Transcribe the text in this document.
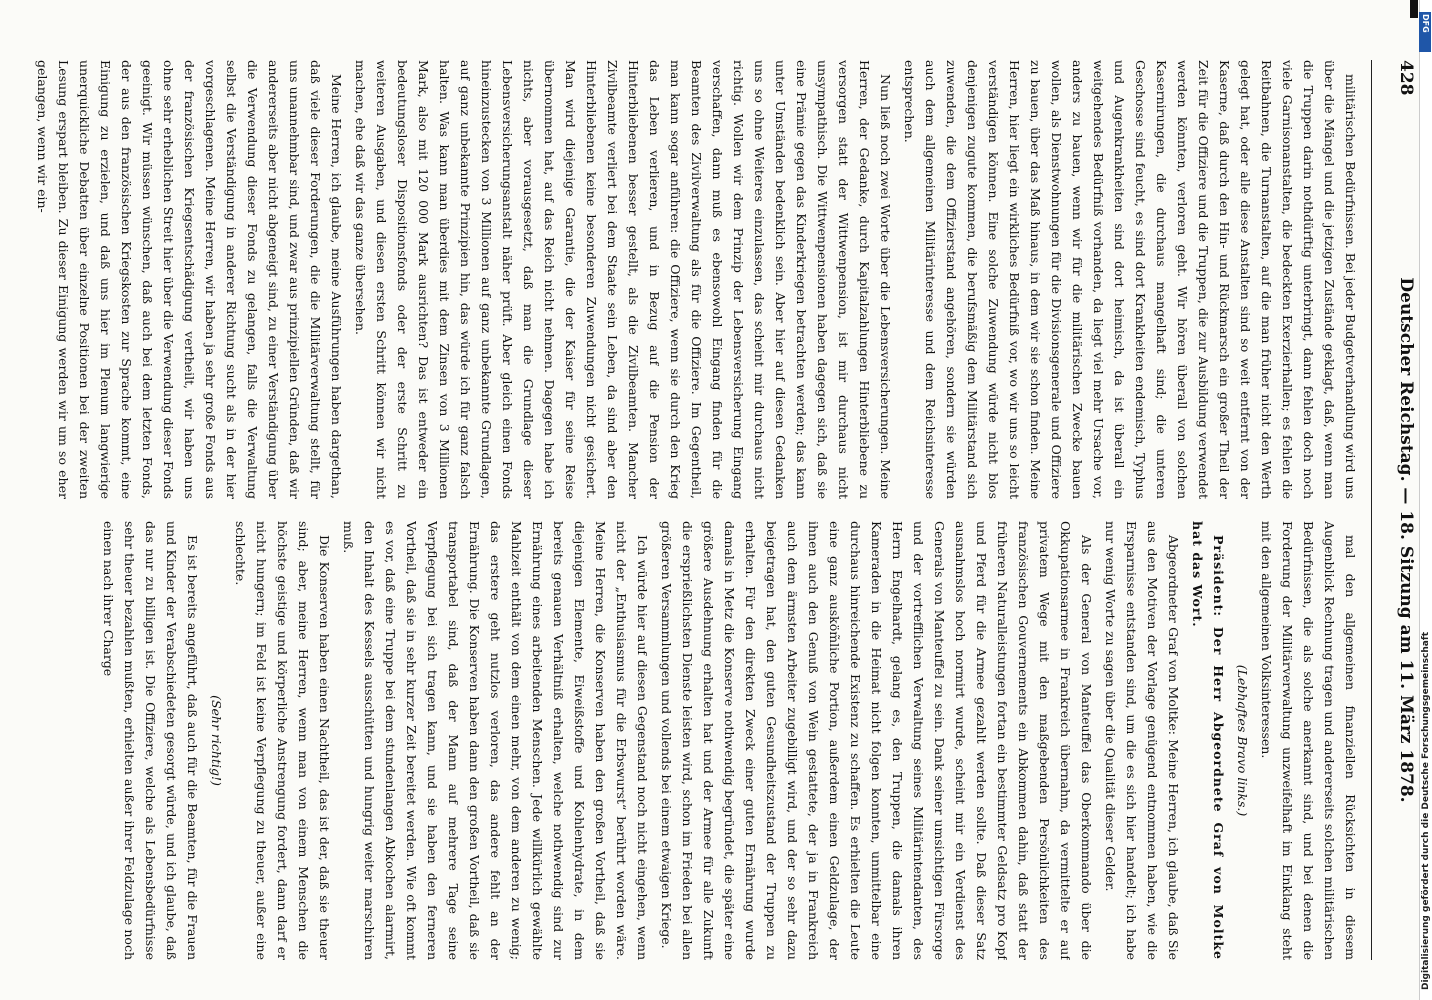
428
Deutscher Reichstag. — 18. Sitzung am 11. März 1878.

militärischen Bedürfnissen. Bei jeder Budgetverhandlung wird uns über die Mängel und die jetzigen Zustände geklagt, daß, wenn man die Truppen darin nothdürftig unterbringt, dann fehlen doch noch viele Garnisonanstalten, die bedeckten Exerzierhallen; es fehlen die Reitbahnen, die Turnanstalten, auf die man früher nicht den Werth gelegt hat, oder alle diese Anstalten sind so weit entfernt von der Kaserne, daß durch den Hin- und Rückmarsch ein großer Theil der Zeit für die Offiziere und die Truppen, die zur Ausbildung verwendet werden könnten, verloren geht. Wir hören überall von solchen Kasernirungen, die durchaus mangelhaft sind; die unteren Geschosse sind feucht, es sind dort Krankheiten endemisch, Typhus und Augenkrankheiten sind dort heimisch, da ist überall ein weitgehendes Bedürfniß vorhanden, da liegt viel mehr Ursache vor, anders zu bauen, wenn wir für die militärischen Zwecke bauen wollen, als Dienstwohnungen für die Divisionsgenerale und Offiziere zu bauen, über das Maß hinaus, in dem wir sie schon finden. Meine Herren, hier liegt ein wirkliches Bedürfniß vor, wo wir uns so leicht verständigen können. Eine solche Zuwendung würde nicht blos denjenigen zugute kommen, die berufsmäßig dem Militärstand sich zuwenden, die dem Offizierstand angehören, sondern sie würden auch dem allgemeinen Militärinteresse und dem Reichsinteresse entsprechen.

Nun ließ noch zwei Worte über die Lebensversicherungen. Meine Herren, der Gedanke, durch Kapitalzahlungen Hinterbliebene zu versorgen statt der Wittwenpension, ist mir durchaus nicht unsympathisch. Die Wittwenpensionen haben dagegen sich, daß sie eine Prämie gegen das Kinderkriegen betrachten werden; das kann unter Umständen bedenklich sein. Aber hier auf diesen Gedanken uns so ohne Weiteres einzulassen, das scheint mir durchaus nicht richtig. Wollen wir dem Prinzip der Lebensversicherung Eingang verschaffen, dann muß es ebensowohl Eingang finden für die Beamten des Zivilverwaltung als für die Offiziere. Im Gegentheil, man kann sogar anführen: die Offiziere, wenn sie durch den Krieg das Leben verlieren, und in Bezug auf die Pension der Hinterbliebenen besser gestellt, als die Zivilbeamten. Mancher Zivilbeamte verliert bei dem Staate sein Leben, da sind aber den Hinterbliebenen keine besonderen Zuwendungen nicht gesichert. Man wird diejenige Garantie, die der Kaiser für seine Reise übernommen hat, auf das Reich nicht nehmen. Dagegen habe ich nichts, aber vorausgesetzt, daß man die Grundlage dieser Lebensversicherungsanstalt näher prüft. Aber gleich einen Fonds hineinzustecken von 3 Millionen auf ganz unbekannte Grundlagen, auf ganz unbekannte Prinzipien hin, das würde ich für ganz falsch halten. Was kann man überdies mit dem Zinsen von 3 Millionen Mark, also mit 120 000 Mark ausrichten? Das ist entweder ein bedeutungsloser Dispositionsfonds oder der erste Schritt zu weiteren Ausgaben, und diesen ersten Schritt können wir nicht machen, ehe daß wir das ganze übersehen.

Meine Herren, ich glaube, meine Ausführungen haben dargethan, daß viele dieser Forderungen, die die Militärverwaltung stellt, für uns unannehmbar sind, und zwar aus prinzipiellen Gründen, daß wir andererseits aber nicht abgeneigt sind, zu einer Verständigung über die Verwendung dieser Fonds zu gelangen, falls die Verwaltung selbst die Verständigung in anderer Richtung sucht als in der hier vorgeschlagenen. Meine Herren, wir haben ja sehr große Fonds aus der französischen Kriegsentschädigung vertheilt, wir haben uns ohne sehr erheblichen Streit hier über die Verwendung dieser Fonds geeinigt. Wir müssen wünschen, daß auch bei dem letzten Fonds, der aus den französischen Kriegskosten zur Sprache kommt, eine Einigung zu erzielen, und daß uns hier im Plenum langwierige unerquickliche Debatten über einzelne Positionen bei der zweiten Lesung erspart bleiben. Zu dieser Einigung werden wir um so eher gelangen, wenn wir ein-

mal den allgemeinen finanziellen Rücksichten in diesem Augenblick Rechnung tragen und andererseits solchen militärischen Bedürfnissen, die als solche anerkannt sind, und bei denen die Forderung der Militärverwaltung unzweifelhaft im Einklang steht mit den allgemeinen Volksinteressen.

(Lebhaftes Bravo links.)

Präsident: Der Herr Abgeordnete Graf von Moltke hat das Wort.

Abgeordneter Graf von Moltke: Meine Herren, ich glaube, daß Sie aus den Motiven der Vorlage genügend entnommen haben, wie die Ersparnisse entstanden sind, um die es sich hier handelt; ich habe nur wenig Worte zu sagen über die Qualität dieser Gelder.

Als der General von Manteuffel das Oberkommando über die Okkupationsarmee in Frankreich übernahm, da vermittelte er auf privatem Wege mit den maßgebenden Persönlichkeiten des französischen Gouvernements ein Abkommen dahin, daß statt der früheren Naturalleistungen fortan ein bestimmter Geldsatz pro Kopf und Pferd für die Armee gezahlt werden sollte. Daß dieser Satz ausnahmslos hoch normirt wurde, scheint mir ein Verdienst des Generals von Manteuffel zu sein. Dank seiner umsichtigen Fürsorge und der vortrefflichen Verwaltung seines Militärintendanten, des Herrn Engelhardt, gelang es, den Truppen, die damals ihren Kameraden in die Heimat nicht folgen konnten, unmittelbar eine durchaus hinreichende Existenz zu schaffen. Es erhielten die Leute eine ganz ausköm̃liche Portion, außerdem einen Geldzulage, der ihnen auch den Genuß von Wein gestattete, der ja in Frankreich auch dem ärmsten Arbeiter zugebilligt wird, und der so sehr dazu beigetragen hat, den guten Gesundheitszustand der Truppen zu erhalten. Für den direkten Zweck einer guten Ernährung wurde damals in Metz die Konserve nothwendig begründet, die später eine größere Ausdehnung erhalten hat und der Armee für alle Zukunft die ersprießlichsten Dienste leisten wird, schon im Frieden bei allen größeren Versammlungen und vollends bei einem etwaigen Kriege.

Ich würde hier auf diesen Gegenstand noch nicht eingehen, wenn nicht der „Enthusiasmus für die Erbswurst“ berührt worden wäre. Meine Herren, die Konserven haben den großen Vortheil, daß sie diejenigen Elemente, Eiweißstoffe und Kohlenhydrate, in dem bereits genauen Verhältniß erhalten, welche nothwendig sind zur Ernährung eines arbeitenden Menschen. Jede willkürlich gewählte Mahlzeit enthält von dem einen mehr, von dem anderen zu wenig; das erstere geht nutzlos verloren, das andere fehlt an der Ernährung. Die Konserven haben dann den großen Vortheil, daß sie transportabel sind, daß der Mann auf mehrere Tage seine Verpflegung bei sich tragen kann, und sie haben den ferneren Vortheil, daß sie in sehr kurzer Zeit bereitet werden. Wie oft kommt es vor, daß eine Truppe bei dem stundenlangen Abkochen alarmirt, den Inhalt des Kessels ausschütten und hungrig weiter marschiren muß.

Die Konserven haben einen Nachtheil, das ist der, daß sie theuer sind; aber, meine Herren, wenn man von einem Menschen die höchste geistige und körperliche Anstrengung fordert, dann darf er nicht hungern; im Feld ist keine Verpflegung zu theuer, außer eine schlechte.

(Sehr richtig!)

Es ist bereits angeführt, daß auch für die Beamten, für die Frauen und Kinder der Verabschiedeten gesorgt würde, und ich glaube, daß das nur zu billigen ist. Die Offiziere, welche als Lebensbedürfnisse sehr theuer bezahlen mußten, erhielten außer ihrer Feldzulage noch einen nach ihrer Charge

DFG
Digitalisierung gefördert durch die Deutsche Forschungsgemeinschaft
